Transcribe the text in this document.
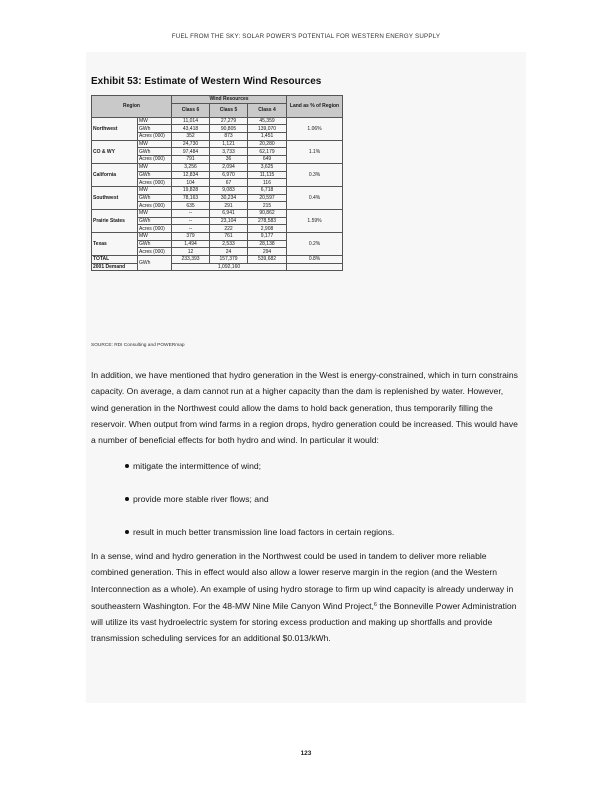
FUEL FROM THE SKY: SOLAR POWER'S POTENTIAL FOR WESTERN ENERGY SUPPLY
Exhibit 53: Estimate of Western Wind Resources
Region		Wind Resources			Land as % of Region
		Class 6	Class 5	Class 4	
Northwest	MW	11,014	27,279	45,359	1.06%
	GWh	43,418	90,805	139,070	
	Acres (000)	352	873	1,451	
CO & WY	MW	24,730	1,121	20,280	1.1%
	GWh	97,484	3,733	62,179	
	Acres (000)	791	36	649	
California	MW	3,256	2,094	3,625	0.3%
	GWh	12,834	6,970	11,115	
	Acres (000)	104	67	116	
Southwest	MW	19,828	9,083	6,718	0.4%
	GWh	78,163	30,234	20,597	
	Acres (000)	635	291	215	
Prairie States	MW	--	6,941	90,862	1.59%
	GWh	--	23,104	278,583	
	Acres (000)	--	222	2,908	
Texas	MW	379	761	9,177	0.2%
	GWh	1,494	2,533	28,138	
	Acres (000)	12	24	294	
TOTAL	GWh	233,393	157,379	539,682	0.8%
2001 Demand		1,092,160			
SOURCE: RDI Consulting and POWERmap

In addition, we have mentioned that hydro generation in the West is energy-constrained, which in turn constrains capacity. On average, a dam cannot run at a higher capacity than the dam is replenished by water. However, wind generation in the Northwest could allow the dams to hold back generation, thus temporarily filling the reservoir. When output from wind farms in a region drops, hydro generation could be increased. This would have a number of beneficial effects for both hydro and wind. In particular it would:

mitigate the intermittence of wind;
provide more stable river flows; and
result in much better transmission line load factors in certain regions.

In a sense, wind and hydro generation in the Northwest could be used in tandem to deliver more reliable combined generation. This in effect would also allow a lower reserve margin in the region (and the Western Interconnection as a whole). An example of using hydro storage to firm up wind capacity is already underway in southeastern Washington. For the 48-MW Nine Mile Canyon Wind Project,$^6$ the Bonneville Power Administration will utilize its vast hydroelectric system for storing excess production and making up shortfalls and provide transmission scheduling services for an additional $0.013/kWh.

123
